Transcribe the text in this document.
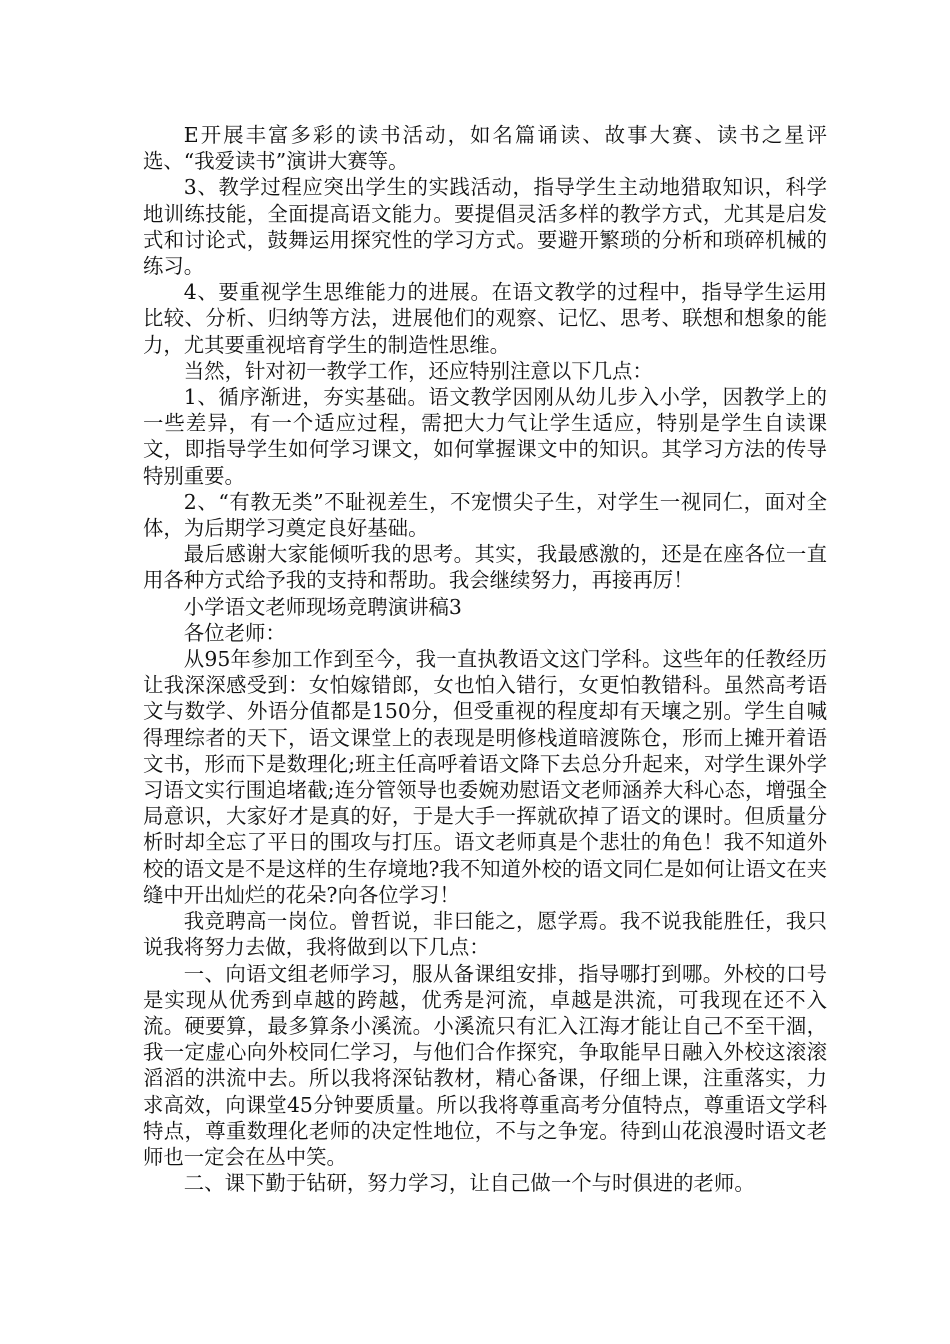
E开展丰富多彩的读书活动，如名篇诵读、故事大赛、读书之星评选、“我爱读书”演讲大赛等。

3、教学过程应突出学生的实践活动，指导学生主动地猎取知识，科学地训练技能，全面提高语文能力。要提倡灵活多样的教学方式，尤其是启发式和讨论式，鼓舞运用探究性的学习方式。要避开繁琐的分析和琐碎机械的练习。

4、要重视学生思维能力的进展。在语文教学的过程中，指导学生运用比较、分析、归纳等方法，进展他们的观察、记忆、思考、联想和想象的能力，尤其要重视培育学生的制造性思维。

当然，针对初一教学工作，还应特别注意以下几点：

1、循序渐进，夯实基础。语文教学因刚从幼儿步入小学，因教学上的一些差异，有一个适应过程，需把大力气让学生适应，特别是学生自读课文，即指导学生如何学习课文，如何掌握课文中的知识。其学习方法的传导特别重要。

2、“有教无类”不耻视差生，不宠惯尖子生，对学生一视同仁，面对全体，为后期学习奠定良好基础。

最后感谢大家能倾听我的思考。其实，我最感激的，还是在座各位一直用各种方式给予我的支持和帮助。我会继续努力，再接再厉！

小学语文老师现场竞聘演讲稿3

各位老师：

从95年参加工作到至今，我一直执教语文这门学科。这些年的任教经历让我深深感受到：女怕嫁错郎，女也怕入错行，女更怕教错科。虽然高考语文与数学、外语分值都是150分，但受重视的程度却有天壤之别。学生自喊得理综者的天下，语文课堂上的表现是明修栈道暗渡陈仓，形而上摊开着语文书，形而下是数理化;班主任高呼着语文降下去总分升起来，对学生课外学习语文实行围追堵截;连分管领导也委婉劝慰语文老师涵养大科心态，增强全局意识，大家好才是真的好，于是大手一挥就砍掉了语文的课时。但质量分析时却全忘了平日的围攻与打压。语文老师真是个悲壮的角色！我不知道外校的语文是不是这样的生存境地?我不知道外校的语文同仁是如何让语文在夹缝中开出灿烂的花朵?向各位学习！

我竞聘高一岗位。曾哲说，非曰能之，愿学焉。我不说我能胜任，我只说我将努力去做，我将做到以下几点：

一、向语文组老师学习，服从备课组安排，指导哪打到哪。外校的口号是实现从优秀到卓越的跨越，优秀是河流，卓越是洪流，可我现在还不入流。硬要算，最多算条小溪流。小溪流只有汇入江海才能让自己不至干涸，我一定虚心向外校同仁学习，与他们合作探究，争取能早日融入外校这滚滚滔滔的洪流中去。所以我将深钻教材，精心备课，仔细上课，注重落实，力求高效，向课堂45分钟要质量。所以我将尊重高考分值特点，尊重语文学科特点，尊重数理化老师的决定性地位，不与之争宠。待到山花浪漫时语文老师也一定会在丛中笑。

二、课下勤于钻研，努力学习，让自己做一个与时俱进的老师。
